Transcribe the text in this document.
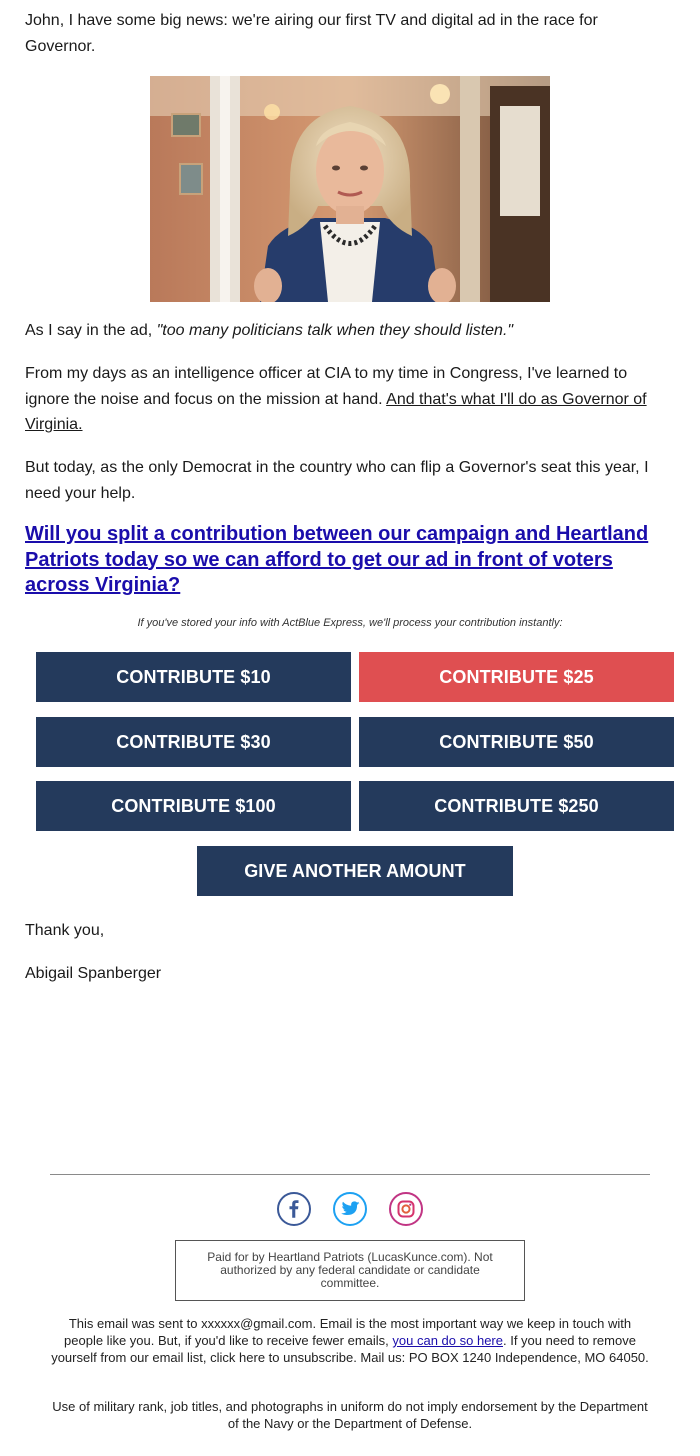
John, I have some big news: we're airing our first TV and digital ad in the race for Governor.

As I say in the ad, "too many politicians talk when they should listen."

From my days as an intelligence officer at CIA to my time in Congress, I've learned to ignore the noise and focus on the mission at hand. And that's what I'll do as Governor of Virginia.

But today, as the only Democrat in the country who can flip a Governor's seat this year, I need your help.

Will you split a contribution between our campaign and Heartland Patriots today so we can afford to get our ad in front of voters across Virginia?
If you've stored your info with ActBlue Express, we'll process your contribution instantly:
CONTRIBUTE $10	CONTRIBUTE $25
CONTRIBUTE $30	CONTRIBUTE $50
CONTRIBUTE $100	CONTRIBUTE $250
GIVE ANOTHER AMOUNT
Thank you,
Abigail Spanberger
Paid for by Heartland Patriots (LucasKunce.com). Not authorized by any federal candidate or candidate committee.
This email was sent to xxxxxx@gmail.com. Email is the most important way we keep in touch with people like you. But, if you'd like to receive fewer emails, you can do so here. If you need to remove yourself from our email list, click here to unsubscribe. Mail us: PO BOX 1240 Independence, MO 64050.
Use of military rank, job titles, and photographs in uniform do not imply endorsement by the Department of the Navy or the Department of Defense.
